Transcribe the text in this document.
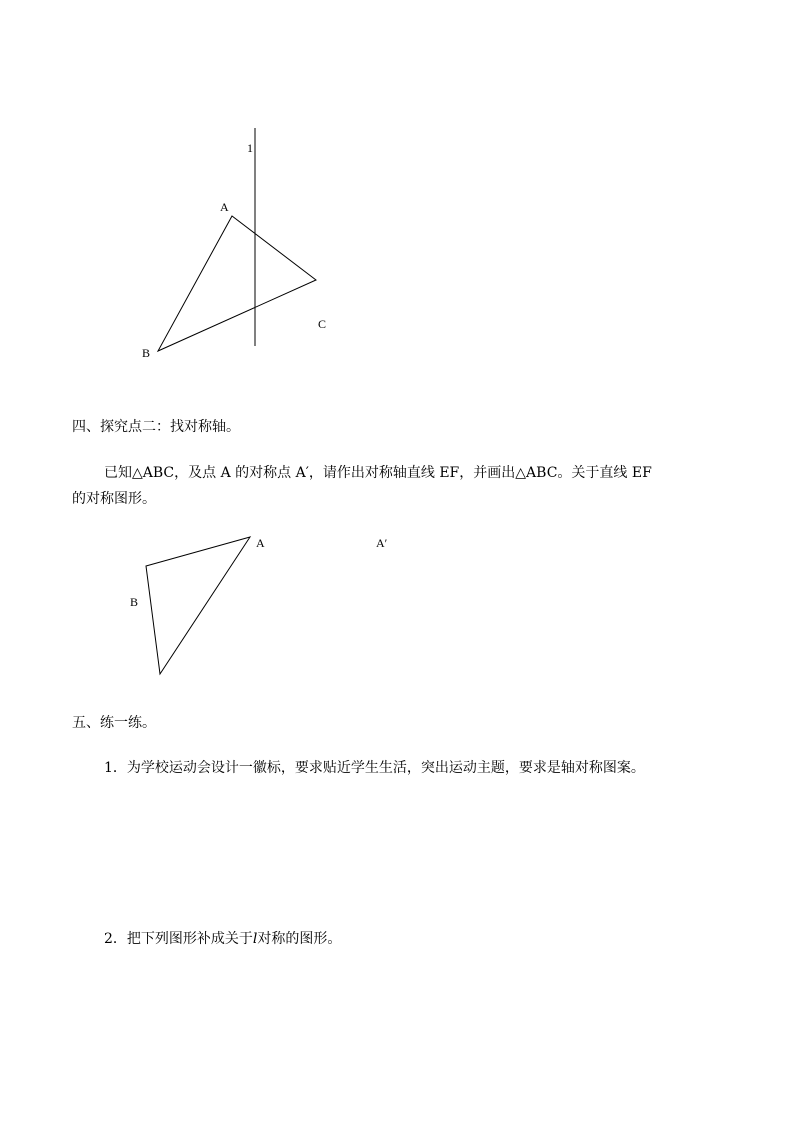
1
A
B
C
四、探究点二：找对称轴。
已知△ABC，及点 A 的对称点 A′，请作出对称轴直线 EF，并画出△ABC。关于直线 EF
的对称图形。
A
B
A′
五、练一练。
1．为学校运动会设计一徽标，要求贴近学生生活，突出运动主题，要求是轴对称图案。
2．把下列图形补成关于l对称的图形。
